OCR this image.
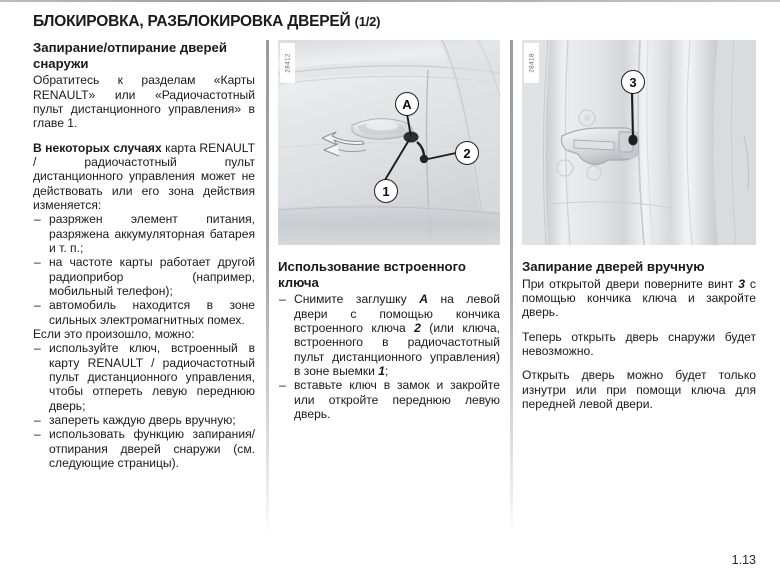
БЛОКИРОВКА, РАЗБЛОКИРОВКА ДВЕРЕЙ (1/2)
Запирание/отпирание дверей снаружи

Обратитесь к разделам «Карты RENAULT» или «Радиочастотный пульт дистанционного управления» в главе 1.

В некоторых случаях карта RENAULT / радиочастотный пульт дистанционного управления может не действовать или его зона действия изменяется:

– разряжен элемент питания, разряжена аккумуляторная батарея и т. п.;
– на частоте карты работает другой радиоприбор (например, мобильный телефон);
– автомобиль находится в зоне сильных электромагнитных помех.

Если это произошло, можно:

– используйте ключ, встроенный в карту RENAULT / радиочастотный пульт дистанционного управления, чтобы отпереть левую переднюю дверь;
– запереть каждую дверь вручную;
– использовать функцию запирания/отпирания дверей снаружи (см. следующие страницы).
28412
A
1
2
Использование встроенного ключа
– Снимите заглушку A на левой двери с помощью кончика встроенного ключа 2 (или ключа, встроенного в радиочастотный пульт дистанционного управления) в зоне выемки 1;
– вставьте ключ в замок и закройте или откройте переднюю левую дверь.
28418
3
Запирание дверей вручную

При открытой двери поверните винт 3 с помощью кончика ключа и закройте дверь.

Теперь открыть дверь снаружи будет невозможно.

Открыть дверь можно будет только изнутри или при помощи ключа для передней левой двери.

1.13
